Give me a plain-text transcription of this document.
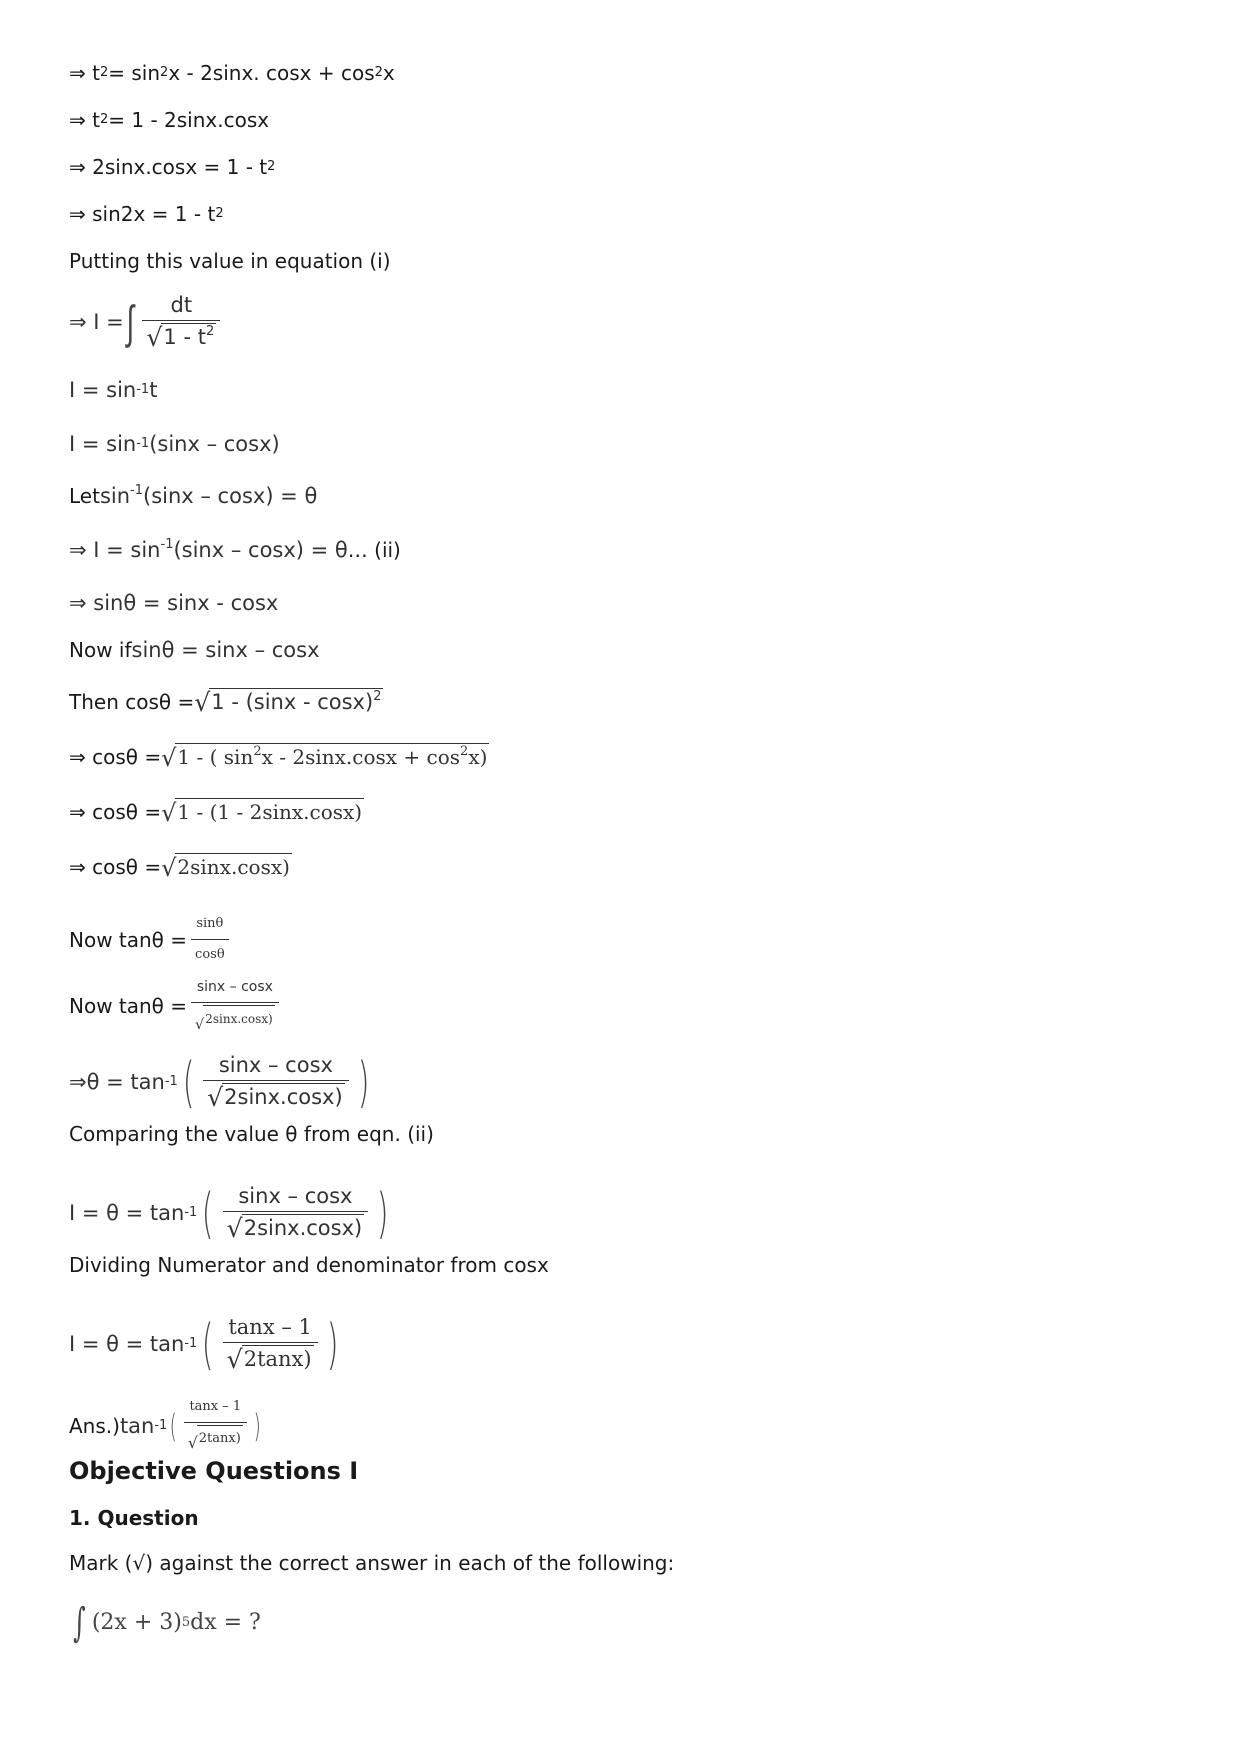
⇒ t 2 = sin 2 x - 2sinx. cosx + cos 2 x
⇒ t 2 = 1 - 2sinx.cosx
⇒ 2sinx.cosx = 1 - t 2
⇒ sin2x = 1 - t 2
Putting this value in equation (i)
⇒ I = ∫ $\frac{dt}{√ 1 - t^2}$
I = sin -1 t
I = sin -1 (sinx – cosx)
Let $\sin^{-1}(\sin x - \cos x) = \theta$
⇒ $I = \sin^{-1}(\sin x - \cos x) = \theta$ … (ii)
⇒ sinθ = sinx - cosx
Now if sinθ = sinx – cosx
Then cosθ = √ 1 - (sinx - cosx)$^2$
⇒ cosθ = √ 1 - ( $\sin^2x - 2\sin x.\cos x + \cos^2x$)
⇒ cosθ = √ 1 - (1 - 2sinx.cosx)
⇒ cosθ = √ 2sinx.cosx)
Now $\tan\theta = \frac{\sin\theta}{\cos\theta}$
Now $\tan\theta = \frac{\sin x - \cos x}{√ 2\sin x.\cos x)}$
⇒θ = tan -1 ( $\frac{\sin x - \cos x}{√ 2\sin x.\cos x)}$ )
Comparing the value θ from eqn. (ii)
I = θ = tan -1 ( $\frac{\sin x - \cos x}{√ 2\sin x.\cos x)}$ )
Dividing Numerator and denominator from cosx
I = θ = tan -1 ( $\frac{\tan x - 1}{√ 2\tan x)}$ )
Ans.) tan -1 ( $\frac{\tan x - 1}{√ 2\tan x)}$ )
Objective Questions I
1. Question
Mark (√) against the correct answer in each of the following:
∫ (2x + 3) 5 dx = ?
